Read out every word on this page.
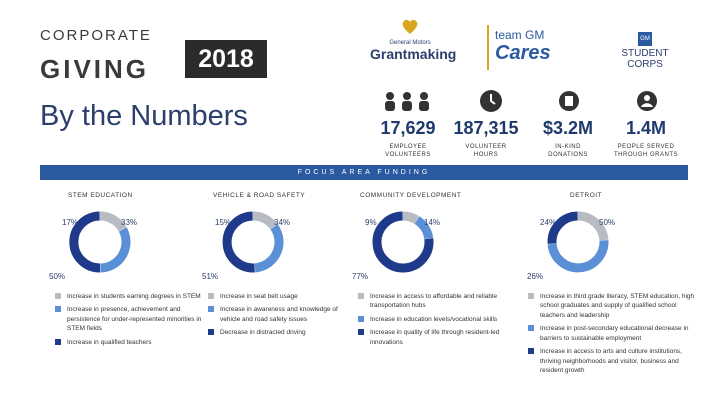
CORPORATE
GIVING	2018
By the Numbers
General Motors
Grantmaking
team GM
Cares
GM
STUDENT CORPS
17,629
EMPLOYEE
VOLUNTEERS
187,315
VOLUNTEER
HOURS
$3.2M
IN-KIND
DONATIONS
1.4M
PEOPLE SERVED
THROUGH GRANTS
FOCUS AREA FUNDING
STEM EDUCATION
17%	33%
50%
Increase in students earning degrees in STEM
Increase in presence, achievement and persistence for under-represented minorities in STEM fields
Increase in qualified teachers
VEHICLE & ROAD SAFETY
15%	34%
51%
Increase in seat belt usage
Increase in awareness and knowledge of vehicle and road safety issues
Decrease in distracted driving
COMMUNITY DEVELOPMENT
9%	14%
77%
Increase in access to affordable and reliable transportation hubs
Increase in education levels/vocational skills
Increase in quality of life through resident-led innovations
DETROIT
24%	50%
26%
Increase in third grade literacy, STEM education, high school graduates and supply of qualified school teachers and leadership
Increase in post-secondary educational decrease in barriers to sustainable employment
Increase in access to arts and culture institutions, thriving neighborhoods and visitor, business and resident growth
